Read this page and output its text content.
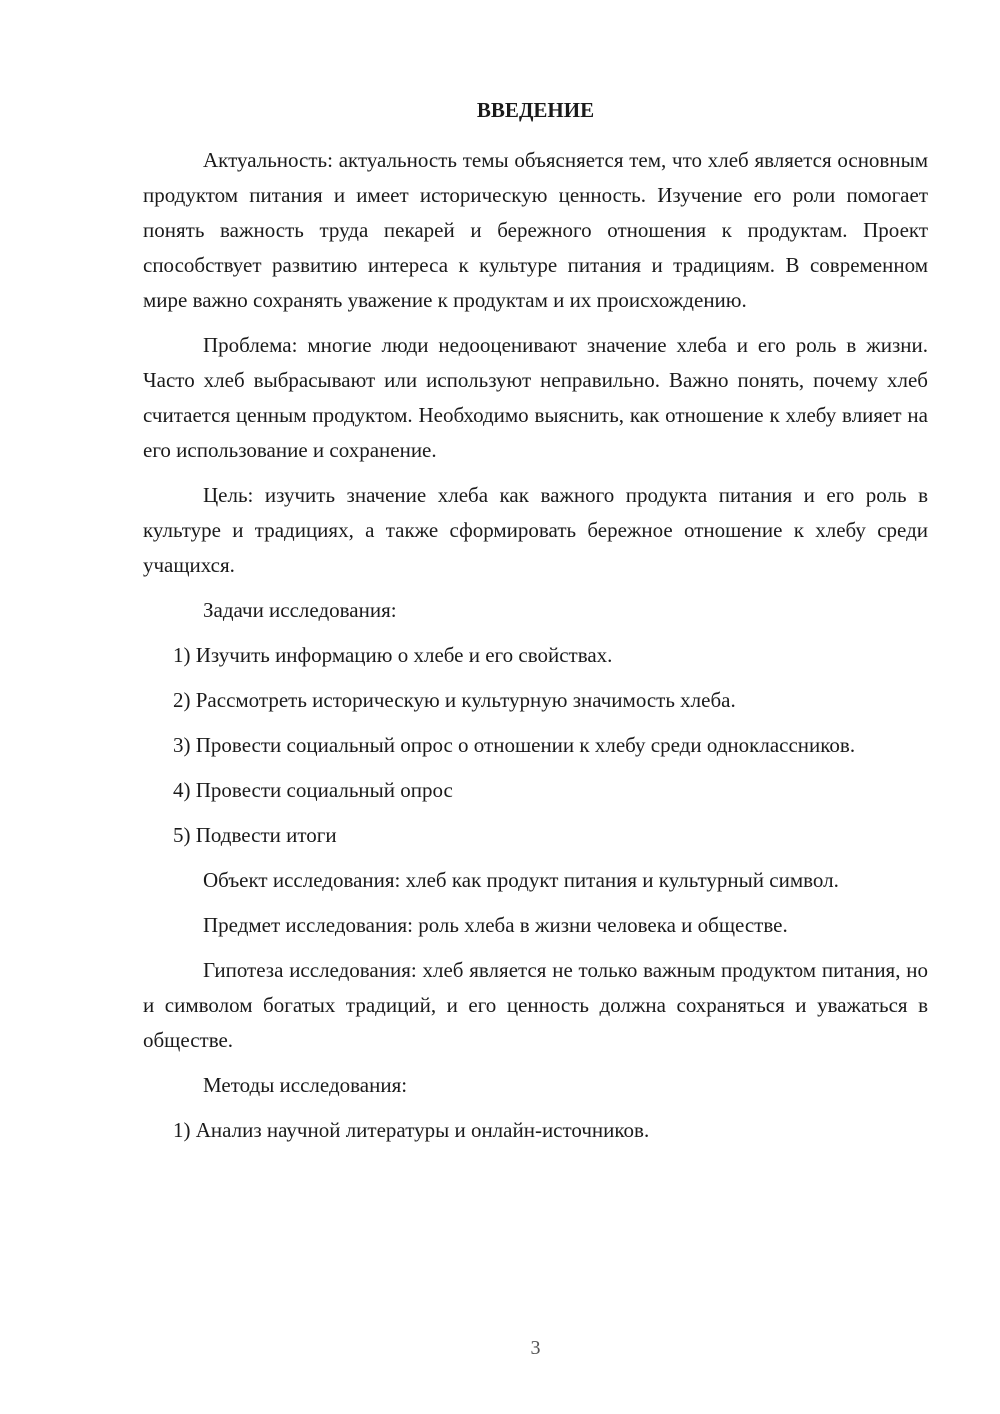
ВВЕДЕНИЕ

Актуальность: актуальность темы объясняется тем, что хлеб является основным продуктом питания и имеет историческую ценность. Изучение его роли помогает понять важность труда пекарей и бережного отношения к продуктам. Проект способствует развитию интереса к культуре питания и традициям. В современном мире важно сохранять уважение к продуктам и их происхождению.

Проблема: многие люди недооценивают значение хлеба и его роль в жизни. Часто хлеб выбрасывают или используют неправильно. Важно понять, почему хлеб считается ценным продуктом. Необходимо выяснить, как отношение к хлебу влияет на его использование и сохранение.

Цель: изучить значение хлеба как важного продукта питания и его роль в культуре и традициях, а также сформировать бережное отношение к хлебу среди учащихся.

Задачи исследования:

1) Изучить информацию о хлебе и его свойствах.

2) Рассмотреть историческую и культурную значимость хлеба.

3) Провести социальный опрос о отношении к хлебу среди одноклассников.

4) Провести социальный опрос

5) Подвести итоги

Объект исследования: хлеб как продукт питания и культурный символ.

Предмет исследования: роль хлеба в жизни человека и обществе.

Гипотеза исследования: хлеб является не только важным продуктом питания, но и символом богатых традиций, и его ценность должна сохраняться и уважаться в обществе.

Методы исследования:

1) Анализ научной литературы и онлайн-источников.

3
